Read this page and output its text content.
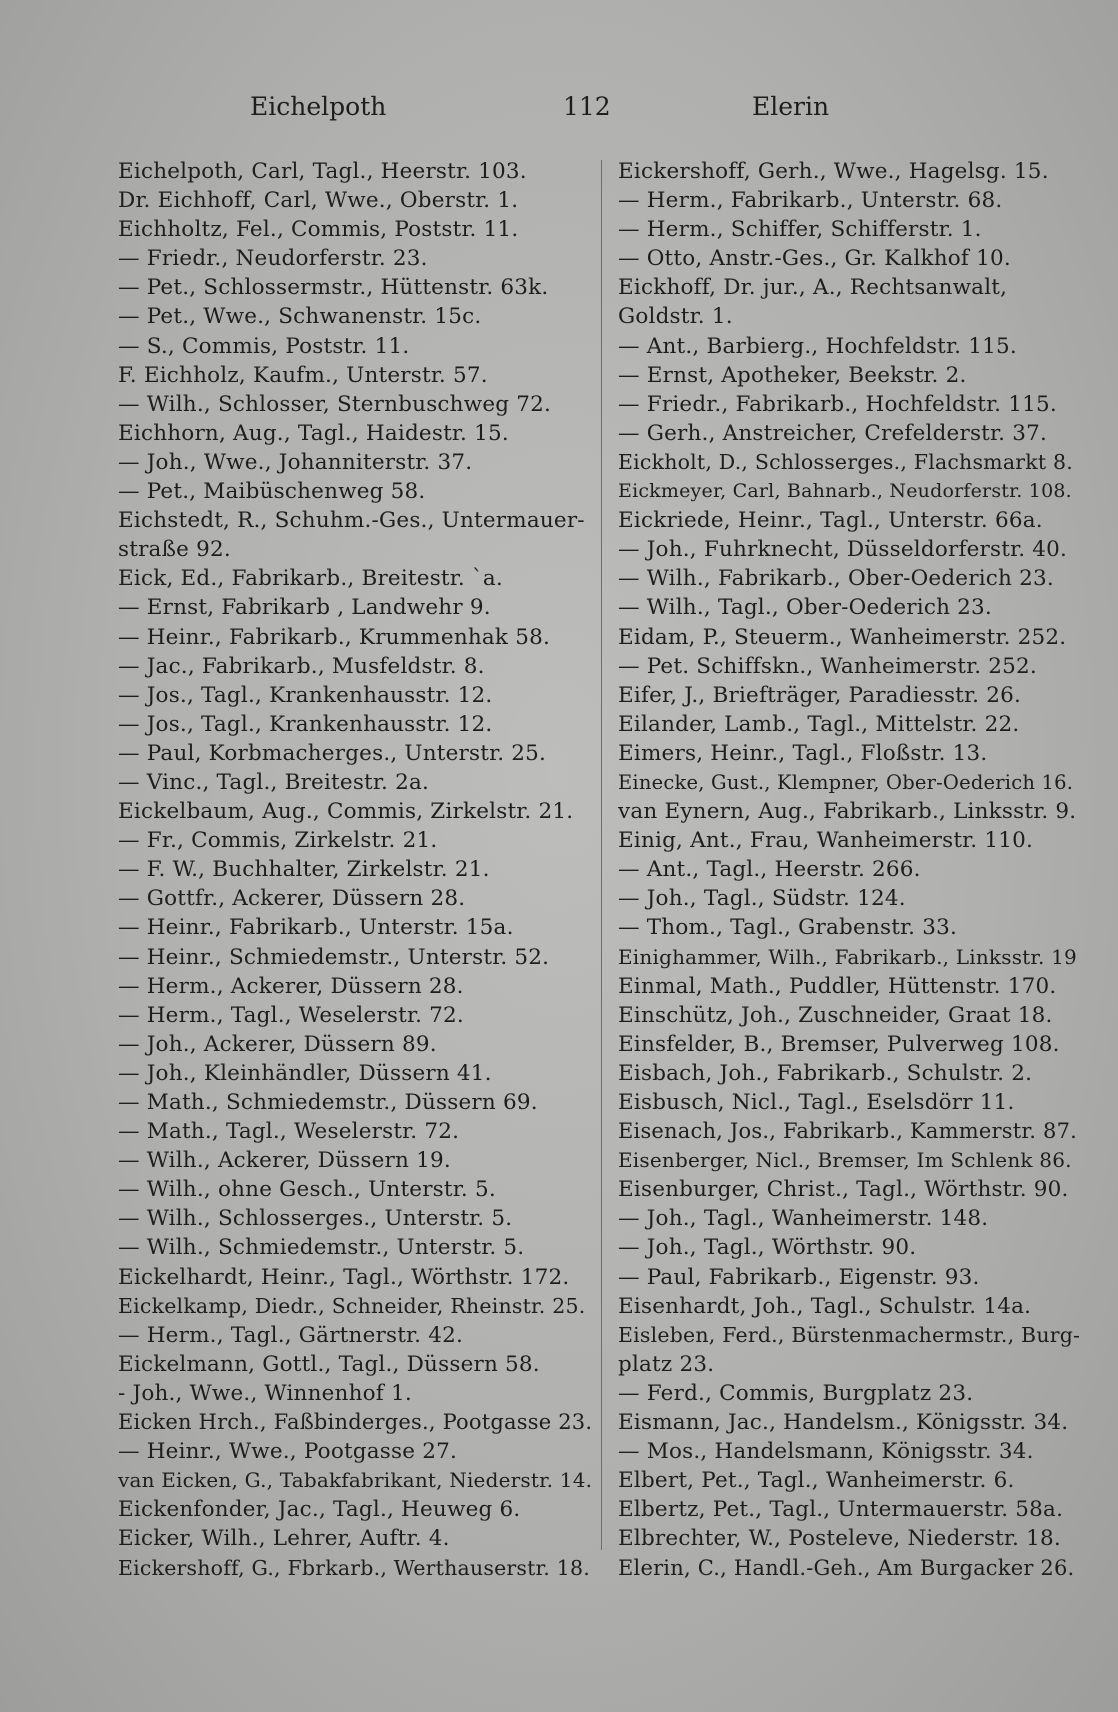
Eichelpoth	112	Elerin
Eichelpoth, Carl, Tagl., Heerstr. 103.
Dr. Eichhoff, Carl, Wwe., Oberstr. 1.
Eichholtz, Fel., Commis, Poststr. 11.
— Friedr., Neudorferstr. 23.
— Pet., Schlossermstr., Hüttenstr. 63k.
— Pet., Wwe., Schwanenstr. 15c.
— S., Commis, Poststr. 11.
F. Eichholz, Kaufm., Unterstr. 57.
— Wilh., Schlosser, Sternbuschweg 72.
Eichhorn, Aug., Tagl., Haidestr. 15.
— Joh., Wwe., Johanniterstr. 37.
— Pet., Maibüschenweg 58.
Eichstedt, R., Schuhm.-Ges., Untermauer-
straße 92.
Eick, Ed., Fabrikarb., Breitestr. `a.
— Ernst, Fabrikarb , Landwehr 9.
— Heinr., Fabrikarb., Krummenhak 58.
— Jac., Fabrikarb., Musfeldstr. 8.
— Jos., Tagl., Krankenhausstr. 12.
— Jos., Tagl., Krankenhausstr. 12.
— Paul, Korbmacherges., Unterstr. 25.
— Vinc., Tagl., Breitestr. 2a.
Eickelbaum, Aug., Commis, Zirkelstr. 21.
— Fr., Commis, Zirkelstr. 21.
— F. W., Buchhalter, Zirkelstr. 21.
— Gottfr., Ackerer, Düssern 28.
— Heinr., Fabrikarb., Unterstr. 15a.
— Heinr., Schmiedemstr., Unterstr. 52.
— Herm., Ackerer, Düssern 28.
— Herm., Tagl., Weselerstr. 72.
— Joh., Ackerer, Düssern 89.
— Joh., Kleinhändler, Düssern 41.
— Math., Schmiedemstr., Düssern 69.
— Math., Tagl., Weselerstr. 72.
— Wilh., Ackerer, Düssern 19.
— Wilh., ohne Gesch., Unterstr. 5.
— Wilh., Schlosserges., Unterstr. 5.
— Wilh., Schmiedemstr., Unterstr. 5.
Eickelhardt, Heinr., Tagl., Wörthstr. 172.
Eickelkamp, Diedr., Schneider, Rheinstr. 25.
— Herm., Tagl., Gärtnerstr. 42.
Eickelmann, Gottl., Tagl., Düssern 58.
- Joh., Wwe., Winnenhof 1.
Eicken Hrch., Faßbinderges., Pootgasse 23.
— Heinr., Wwe., Pootgasse 27.
van Eicken, G., Tabakfabrikant, Niederstr. 14.
Eickenfonder, Jac., Tagl., Heuweg 6.
Eicker, Wilh., Lehrer, Auftr. 4.
Eickershoff, G., Fbrkarb., Werthauserstr. 18.
Eickershoff, Gerh., Wwe., Hagelsg. 15.
— Herm., Fabrikarb., Unterstr. 68.
— Herm., Schiffer, Schifferstr. 1.
— Otto, Anstr.-Ges., Gr. Kalkhof 10.
Eickhoff, Dr. jur., A., Rechtsanwalt,
Goldstr. 1.
— Ant., Barbierg., Hochfeldstr. 115.
— Ernst, Apotheker, Beekstr. 2.
— Friedr., Fabrikarb., Hochfeldstr. 115.
— Gerh., Anstreicher, Crefelderstr. 37.
Eickholt, D., Schlosserges., Flachsmarkt 8.
Eickmeyer, Carl, Bahnarb., Neudorferstr. 108.
Eickriede, Heinr., Tagl., Unterstr. 66a.
— Joh., Fuhrknecht, Düsseldorferstr. 40.
— Wilh., Fabrikarb., Ober-Oederich 23.
— Wilh., Tagl., Ober-Oederich 23.
Eidam, P., Steuerm., Wanheimerstr. 252.
— Pet. Schiffskn., Wanheimerstr. 252.
Eifer, J., Briefträger, Paradiesstr. 26.
Eilander, Lamb., Tagl., Mittelstr. 22.
Eimers, Heinr., Tagl., Floßstr. 13.
Einecke, Gust., Klempner, Ober-Oederich 16.
van Eynern, Aug., Fabrikarb., Linksstr. 9.
Einig, Ant., Frau, Wanheimerstr. 110.
— Ant., Tagl., Heerstr. 266.
— Joh., Tagl., Südstr. 124.
— Thom., Tagl., Grabenstr. 33.
Einighammer, Wilh., Fabrikarb., Linksstr. 19
Einmal, Math., Puddler, Hüttenstr. 170.
Einschütz, Joh., Zuschneider, Graat 18.
Einsfelder, B., Bremser, Pulverweg 108.
Eisbach, Joh., Fabrikarb., Schulstr. 2.
Eisbusch, Nicl., Tagl., Eselsdörr 11.
Eisenach, Jos., Fabrikarb., Kammerstr. 87.
Eisenberger, Nicl., Bremser, Im Schlenk 86.
Eisenburger, Christ., Tagl., Wörthstr. 90.
— Joh., Tagl., Wanheimerstr. 148.
— Joh., Tagl., Wörthstr. 90.
— Paul, Fabrikarb., Eigenstr. 93.
Eisenhardt, Joh., Tagl., Schulstr. 14a.
Eisleben, Ferd., Bürstenmachermstr., Burg-
platz 23.
— Ferd., Commis, Burgplatz 23.
Eismann, Jac., Handelsm., Königsstr. 34.
— Mos., Handelsmann, Königsstr. 34.
Elbert, Pet., Tagl., Wanheimerstr. 6.
Elbertz, Pet., Tagl., Untermauerstr. 58a.
Elbrechter, W., Posteleve, Niederstr. 18.
Elerin, C., Handl.-Geh., Am Burgacker 26.
